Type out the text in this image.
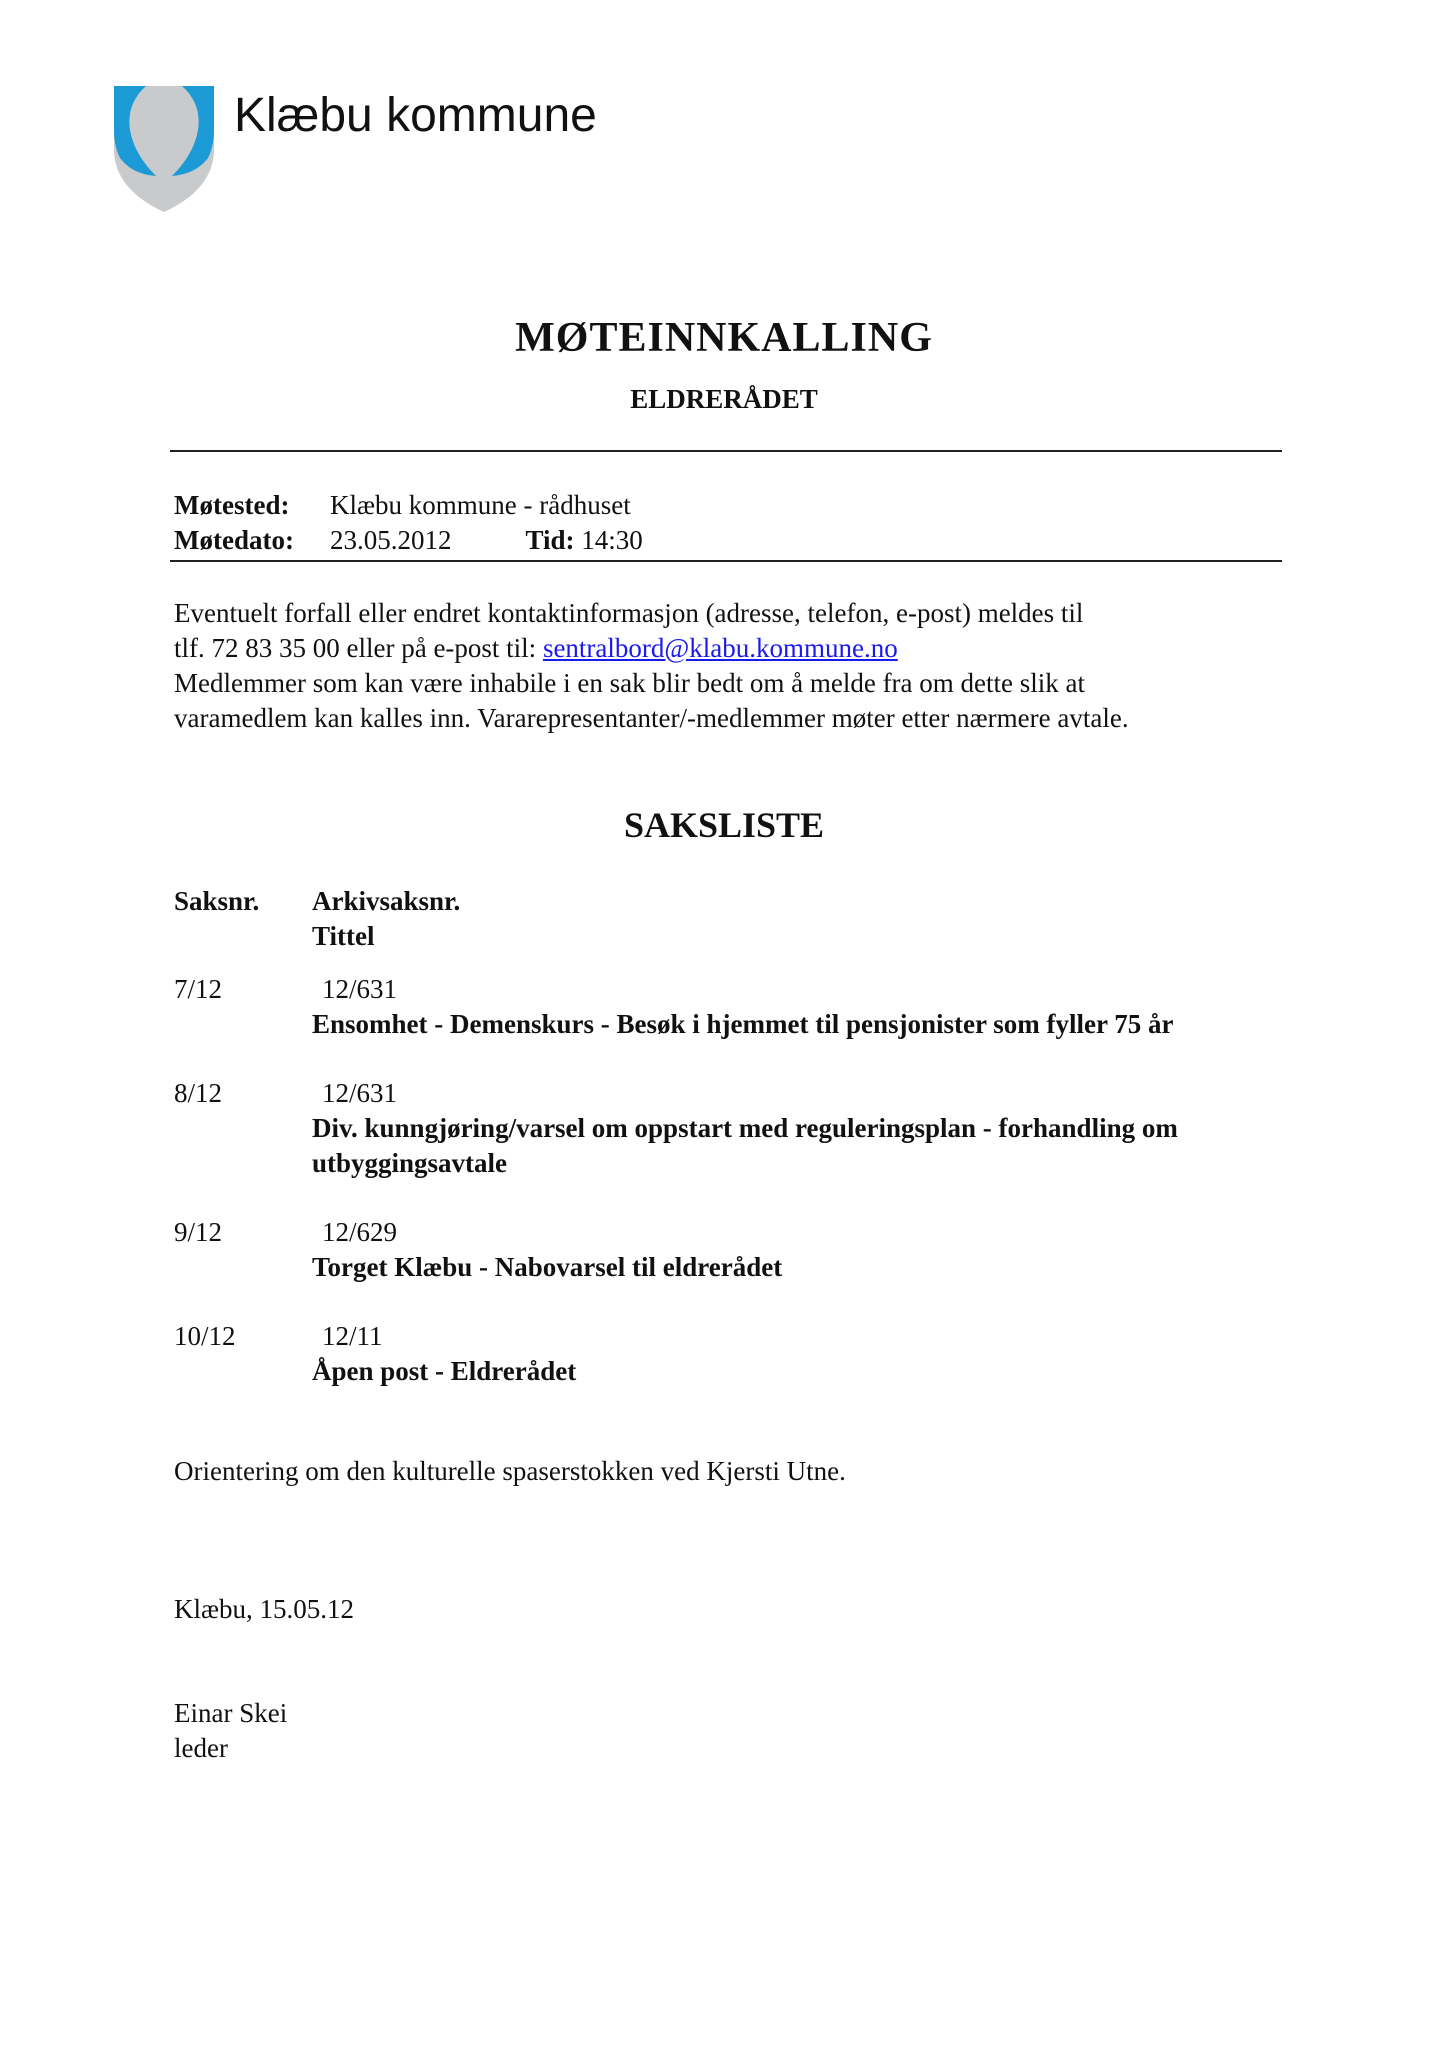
Klæbu kommune
MØTEINNKALLING
ELDRERÅDET
Møtested: Klæbu kommune - rådhuset
Møtedato: 23.05.2012	Tid: 14:30
Eventuelt forfall eller endret kontaktinformasjon (adresse, telefon, e-post) meldes til
tlf. 72 83 35 00 eller på e-post til: sentralbord@klabu.kommune.no
Medlemmer som kan være inhabile i en sak blir bedt om å melde fra om dette slik at
varamedlem kan kalles inn. Vararepresentanter/-medlemmer møter etter nærmere avtale.
SAKSLISTE
Saksnr. Arkivsaksnr.
Tittel
7/12	12/631
Ensomhet - Demenskurs - Besøk i hjemmet til pensjonister som fyller 75 år
8/12	12/631
Div. kunngjøring/varsel om oppstart med reguleringsplan - forhandling om utbyggingsavtale
9/12	12/629
Torget Klæbu - Nabovarsel til eldrerådet
10/12	12/11
Åpen post - Eldrerådet
Orientering om den kulturelle spaserstokken ved Kjersti Utne.
Klæbu, 15.05.12
Einar Skei
leder
